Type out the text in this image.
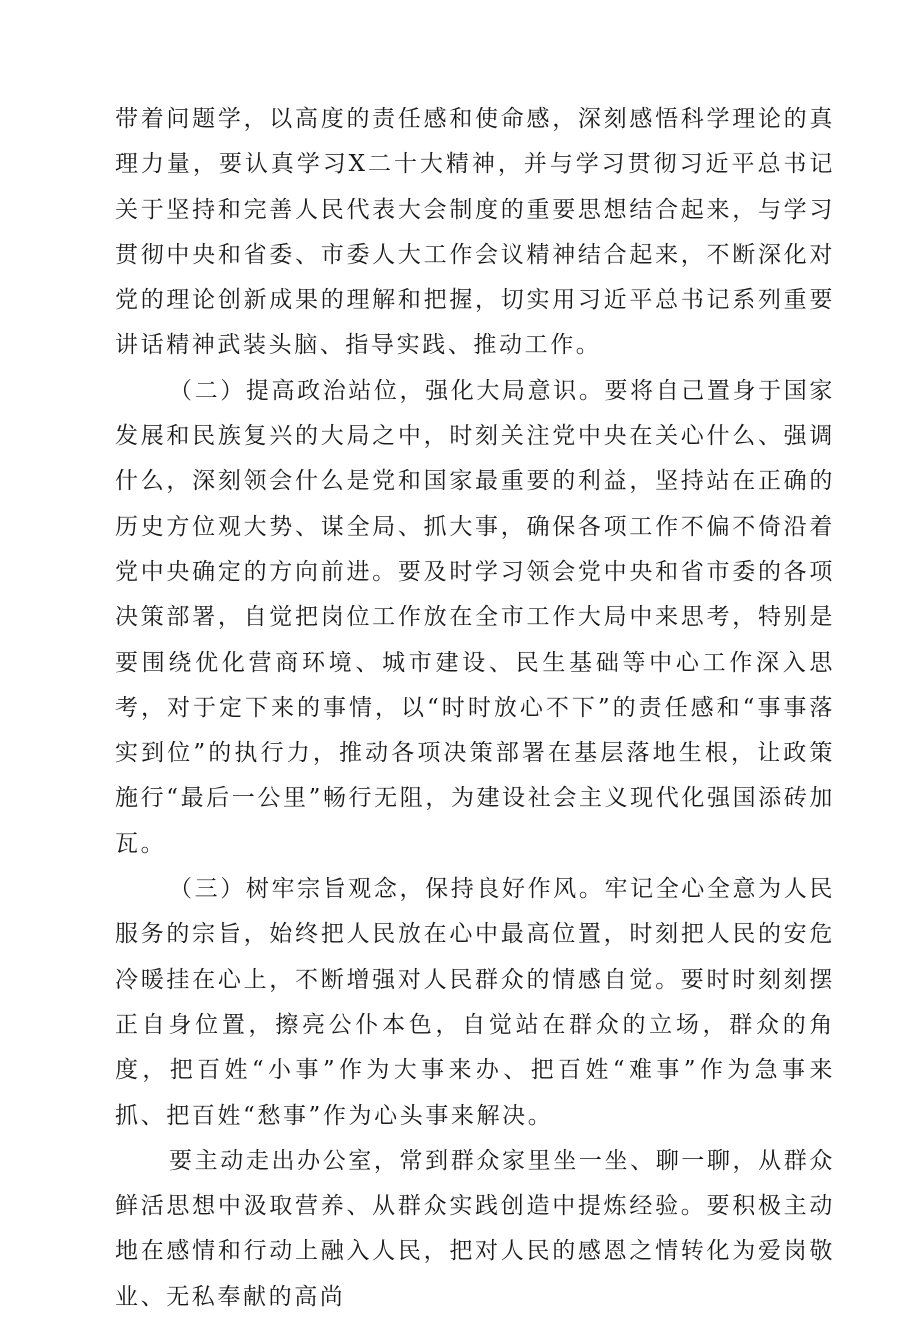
带着问题学，以高度的责任感和使命感，深刻感悟科学理论的真理力量，要认真学习X二十大精神，并与学习贯彻习近平总书记关于坚持和完善人民代表大会制度的重要思想结合起来，与学习贯彻中央和省委、市委人大工作会议精神结合起来，不断深化对党的理论创新成果的理解和把握，切实用习近平总书记系列重要讲话精神武装头脑、指导实践、推动工作。

（二）提高政治站位，强化大局意识。要将自己置身于国家发展和民族复兴的大局之中，时刻关注党中央在关心什么、强调什么，深刻领会什么是党和国家最重要的利益，坚持站在正确的历史方位观大势、谋全局、抓大事，确保各项工作不偏不倚沿着党中央确定的方向前进。要及时学习领会党中央和省市委的各项决策部署，自觉把岗位工作放在全市工作大局中来思考，特别是要围绕优化营商环境、城市建设、民生基础等中心工作深入思考，对于定下来的事情，以“时时放心不下”的责任感和“事事落实到位”的执行力，推动各项决策部署在基层落地生根，让政策施行“最后一公里”畅行无阻，为建设社会主义现代化强国添砖加瓦。

（三）树牢宗旨观念，保持良好作风。牢记全心全意为人民服务的宗旨，始终把人民放在心中最高位置，时刻把人民的安危冷暖挂在心上，不断增强对人民群众的情感自觉。要时时刻刻摆正自身位置，擦亮公仆本色，自觉站在群众的立场，群众的角度，把百姓“小事”作为大事来办、把百姓“难事”作为急事来抓、把百姓“愁事”作为心头事来解决。

要主动走出办公室，常到群众家里坐一坐、聊一聊，从群众鲜活思想中汲取营养、从群众实践创造中提炼经验。要积极主动地在感情和行动上融入人民，把对人民的感恩之情转化为爱岗敬业、无私奉献的高尚
